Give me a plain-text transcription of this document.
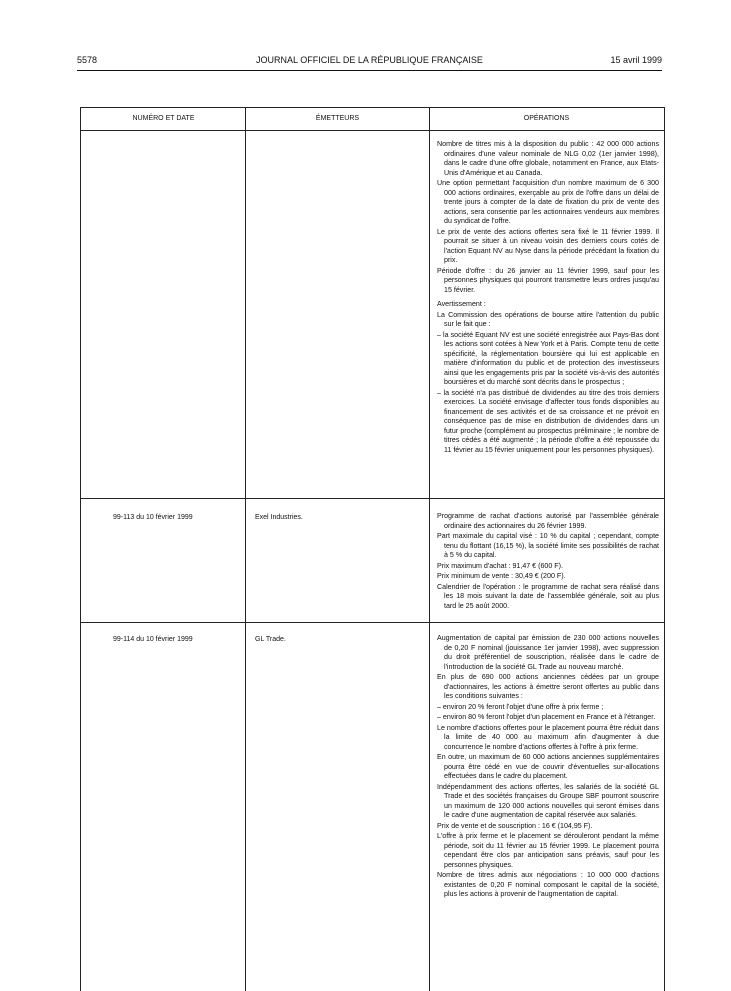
5578	JOURNAL OFFICIEL DE LA RÉPUBLIQUE FRANÇAISE	15 avril 1999
NUMÉRO ET DATE	ÉMETTEURS	OPÉRATIONS

Nombre de titres mis à la disposition du public : 42 000 000 actions ordinaires d'une valeur nominale de NLG 0,02 (1er janvier 1998), dans le cadre d'une offre globale, notamment en France, aux Etats-Unis d'Amérique et au Canada.

Une option permettant l'acquisition d'un nombre maximum de 6 300 000 actions ordinaires, exerçable au prix de l'offre dans un délai de trente jours à compter de la date de fixation du prix de vente des actions, sera consentie par les actionnaires vendeurs aux membres du syndicat de l'offre.

Le prix de vente des actions offertes sera fixé le 11 février 1999. Il pourrait se situer à un niveau voisin des derniers cours cotés de l'action Equant NV au Nyse dans la période précédant la fixation du prix.

Période d'offre : du 26 janvier au 11 février 1999, sauf pour les personnes physiques qui pourront transmettre leurs ordres jusqu'au 15 février.

Avertissement :

La Commission des opérations de bourse attire l'attention du public sur le fait que :

– la société Equant NV est une société enregistrée aux Pays-Bas dont les actions sont cotées à New York et à Paris. Compte tenu de cette spécificité, la réglementation boursière qui lui est applicable en matière d'information du public et de protection des investisseurs ainsi que les engagements pris par la société vis-à-vis des autorités boursières et du marché sont décrits dans le prospectus ;

– la société n'a pas distribué de dividendes au titre des trois derniers exercices. La société envisage d'affecter tous fonds disponibles au financement de ses activités et de sa croissance et ne prévoit en conséquence pas de mise en distribution de dividendes dans un futur proche (complément au prospectus préliminaire ; le nombre de titres cédés a été augmenté ; la période d'offre a été repoussée du 11 février au 15 février uniquement pour les personnes physiques).

99-113 du 10 février 1999	Exel Industries.	Programme de rachat d'actions autorisé par l'assemblée générale ordinaire des actionnaires du 26 février 1999.

Part maximale du capital visé : 10 % du capital ; cependant, compte tenu du flottant (16,15 %), la société limite ses possibilités de rachat à 5 % du capital.

Prix maximum d'achat : 91,47 € (600 F).

Prix minimum de vente : 30,49 € (200 F).

Calendrier de l'opération : le programme de rachat sera réalisé dans les 18 mois suivant la date de l'assemblée générale, soit au plus tard le 25 août 2000.

99-114 du 10 février 1999	GL Trade.	Augmentation de capital par émission de 230 000 actions nouvelles de 0,20 F nominal (jouissance 1er janvier 1998), avec suppression du droit préférentiel de souscription, réalisée dans le cadre de l'introduction de la société GL Trade au nouveau marché.

En plus de 690 000 actions anciennes cédées par un groupe d'actionnaires, les actions à émettre seront offertes au public dans les conditions suivantes :

– environ 20 % feront l'objet d'une offre à prix ferme ;

– environ 80 % feront l'objet d'un placement en France et à l'étranger.

Le nombre d'actions offertes pour le placement pourra être réduit dans la limite de 40 000 au maximum afin d'augmenter à due concurrence le nombre d'actions offertes à l'offre à prix ferme.

En outre, un maximum de 60 000 actions anciennes supplémentaires pourra être cédé en vue de couvrir d'éventuelles sur-allocations effectuées dans le cadre du placement.

Indépendamment des actions offertes, les salariés de la société GL Trade et des sociétés françaises du Groupe SBF pourront souscrire un maximum de 120 000 actions nouvelles qui seront émises dans le cadre d'une augmentation de capital réservée aux salariés.

Prix de vente et de souscription : 16 € (104,95 F).

L'offre à prix ferme et le placement se dérouleront pendant la même période, soit du 11 février au 15 février 1999. Le placement pourra cependant être clos par anticipation sans préavis, sauf pour les personnes physiques.

Nombre de titres admis aux négociations : 10 000 000 d'actions existantes de 0,20 F nominal composant le capital de la société, plus les actions à provenir de l'augmentation de capital.
